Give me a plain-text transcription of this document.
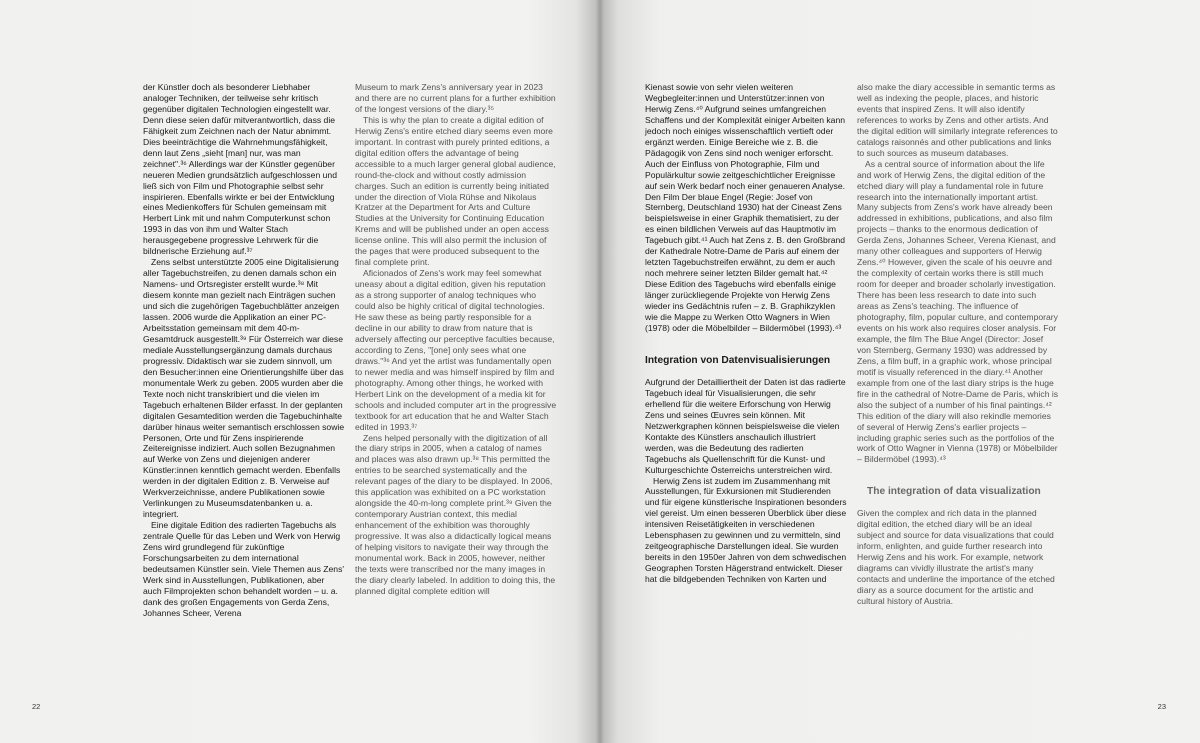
der Künstler doch als besonderer Liebhaber analoger Techniken, der teilweise sehr kritisch gegenüber digitalen Technologien eingestellt war. Denn diese seien dafür mitverantwortlich, dass die Fähigkeit zum Zeichnen nach der Natur abnimmt. Dies beeinträchtige die Wahrnehmungsfähigkeit, denn laut Zens „sieht [man] nur, was man zeichnet".³⁶ Allerdings war der Künstler gegenüber neueren Medien grundsätzlich aufgeschlossen und ließ sich von Film und Photographie selbst sehr inspirieren. Ebenfalls wirkte er bei der Entwicklung eines Medienkoffers für Schulen gemeinsam mit Herbert Link mit und nahm Computerkunst schon 1993 in das von ihm und Walter Stach herausgegebene progressive Lehrwerk für die bildnerische Erziehung auf.³⁷

Zens selbst unterstützte 2005 eine Digitalisierung aller Tagebuchstreifen, zu denen damals schon ein Namens- und Ortsregister erstellt wurde.³⁸ Mit diesem konnte man gezielt nach Einträgen suchen und sich die zugehörigen Tagebuchblätter anzeigen lassen. 2006 wurde die Applikation an einer PC-Arbeitsstation gemeinsam mit dem 40-m-Gesamtdruck ausgestellt.³⁹ Für Österreich war diese mediale Ausstellungsergänzung damals durchaus progressiv. Didaktisch war sie zudem sinnvoll, um den Besucher:innen eine Orientierungshilfe über das monumentale Werk zu geben. 2005 wurden aber die Texte noch nicht transkribiert und die vielen im Tagebuch erhaltenen Bilder erfasst. In der geplanten digitalen Gesamtedition werden die Tagebuchinhalte darüber hinaus weiter semantisch erschlossen sowie Personen, Orte und für Zens inspirierende Zeitereignisse indiziert. Auch sollen Bezugnahmen auf Werke von Zens und diejenigen anderer Künstler:innen kenntlich gemacht werden. Ebenfalls werden in der digitalen Edition z. B. Verweise auf Werkverzeichnisse, andere Publikationen sowie Verlinkungen zu Museumsdatenbanken u. a. integriert.

Eine digitale Edition des radierten Tagebuchs als zentrale Quelle für das Leben und Werk von Herwig Zens wird grundlegend für zukünftige Forschungsarbeiten zu dem international bedeutsamen Künstler sein. Viele Themen aus Zens' Werk sind in Ausstellungen, Publikationen, aber auch Filmprojekten schon behandelt worden – u. a. dank des großen Engagements von Gerda Zens, Johannes Scheer, Verena

Museum to mark Zens's anniversary year in 2023 and there are no current plans for a further exhibition of the longest versions of the diary.³⁵

This is why the plan to create a digital edition of Herwig Zens's entire etched diary seems even more important. In contrast with purely printed editions, a digital edition offers the advantage of being accessible to a much larger general global audience, round-the-clock and without costly admission charges. Such an edition is currently being initiated under the direction of Viola Rühse and Nikolaus Kratzer at the Department for Arts and Culture Studies at the University for Continuing Education Krems and will be published under an open access license online. This will also permit the inclusion of the pages that were produced subsequent to the final complete print.

Aficionados of Zens's work may feel somewhat uneasy about a digital edition, given his reputation as a strong supporter of analog techniques who could also be highly critical of digital technologies. He saw these as being partly responsible for a decline in our ability to draw from nature that is adversely affecting our perceptive faculties because, according to Zens, "[one] only sees what one draws."³⁶ And yet the artist was fundamentally open to newer media and was himself inspired by film and photography. Among other things, he worked with Herbert Link on the development of a media kit for schools and included computer art in the progressive textbook for art education that he and Walter Stach edited in 1993.³⁷

Zens helped personally with the digitization of all the diary strips in 2005, when a catalog of names and places was also drawn up.³⁸ This permitted the entries to be searched systematically and the relevant pages of the diary to be displayed. In 2006, this application was exhibited on a PC workstation alongside the 40-m-long complete print.³⁹ Given the contemporary Austrian context, this medial enhancement of the exhibition was thoroughly progressive. It was also a didactically logical means of helping visitors to navigate their way through the monumental work. Back in 2005, however, neither the texts were transcribed nor the many images in the diary clearly labeled. In addition to doing this, the planned digital complete edition will

22

Kienast sowie von sehr vielen weiteren Wegbegleiter:innen und Unterstützer:innen von Herwig Zens.⁴⁰ Aufgrund seines umfangreichen Schaffens und der Komplexität einiger Arbeiten kann jedoch noch einiges wissenschaftlich vertieft oder ergänzt werden. Einige Bereiche wie z. B. die Pädagogik von Zens sind noch weniger erforscht. Auch der Einfluss von Photographie, Film und Populärkultur sowie zeitgeschichtlicher Ereignisse auf sein Werk bedarf noch einer genaueren Analyse. Den Film Der blaue Engel (Regie: Josef von Sternberg, Deutschland 1930) hat der Cineast Zens beispielsweise in einer Graphik thematisiert, zu der es einen bildlichen Verweis auf das Hauptmotiv im Tagebuch gibt.⁴¹ Auch hat Zens z. B. den Großbrand der Kathedrale Notre-Dame de Paris auf einem der letzten Tagebuchstreifen erwähnt, zu dem er auch noch mehrere seiner letzten Bilder gemalt hat.⁴² Diese Edition des Tagebuchs wird ebenfalls einige länger zurückliegende Projekte von Herwig Zens wieder ins Gedächtnis rufen – z. B. Graphikzyklen wie die Mappe zu Werken Otto Wagners in Wien (1978) oder die Möbelbilder – Bildermöbel (1993).⁴³

Integration von Datenvisualisierungen

Aufgrund der Detailliertheit der Daten ist das radierte Tagebuch ideal für Visualisierungen, die sehr erhellend für die weitere Erforschung von Herwig Zens und seines Œuvres sein können. Mit Netzwerkgraphen können beispielsweise die vielen Kontakte des Künstlers anschaulich illustriert werden, was die Bedeutung des radierten Tagebuchs als Quellenschrift für die Kunst- und Kulturgeschichte Österreichs unterstreichen wird.

Herwig Zens ist zudem im Zusammenhang mit Ausstellungen, für Exkursionen mit Studierenden und für eigene künstlerische Inspirationen besonders viel gereist. Um einen besseren Überblick über diese intensiven Reisetätigkeiten in verschiedenen Lebensphasen zu gewinnen und zu vermitteln, sind zeitgeographische Darstellungen ideal. Sie wurden bereits in den 1950er Jahren von dem schwedischen Geographen Torsten Hägerstrand entwickelt. Dieser hat die bildgebenden Techniken von Karten und

also make the diary accessible in semantic terms as well as indexing the people, places, and historic events that inspired Zens. It will also identify references to works by Zens and other artists. And the digital edition will similarly integrate references to catalogs raisonnés and other publications and links to such sources as museum databases.

As a central source of information about the life and work of Herwig Zens, the digital edition of the etched diary will play a fundamental role in future research into the internationally important artist. Many subjects from Zens's work have already been addressed in exhibitions, publications, and also film projects – thanks to the enormous dedication of Gerda Zens, Johannes Scheer, Verena Kienast, and many other colleagues and supporters of Herwig Zens.⁴⁰ However, given the scale of his oeuvre and the complexity of certain works there is still much room for deeper and broader scholarly investigation. There has been less research to date into such areas as Zens's teaching. The influence of photography, film, popular culture, and contemporary events on his work also requires closer analysis. For example, the film The Blue Angel (Director: Josef von Sternberg, Germany 1930) was addressed by Zens, a film buff, in a graphic work, whose principal motif is visually referenced in the diary.⁴¹ Another example from one of the last diary strips is the huge fire in the cathedral of Notre-Dame de Paris, which is also the subject of a number of his final paintings.⁴² This edition of the diary will also rekindle memories of several of Herwig Zens's earlier projects – including graphic series such as the portfolios of the work of Otto Wagner in Vienna (1978) or Möbelbilder – Bildermöbel (1993).⁴³

The integration of data visualization

Given the complex and rich data in the planned digital edition, the etched diary will be an ideal subject and source for data visualizations that could inform, enlighten, and guide further research into Herwig Zens and his work. For example, network diagrams can vividly illustrate the artist's many contacts and underline the importance of the etched diary as a source document for the artistic and cultural history of Austria.

23
